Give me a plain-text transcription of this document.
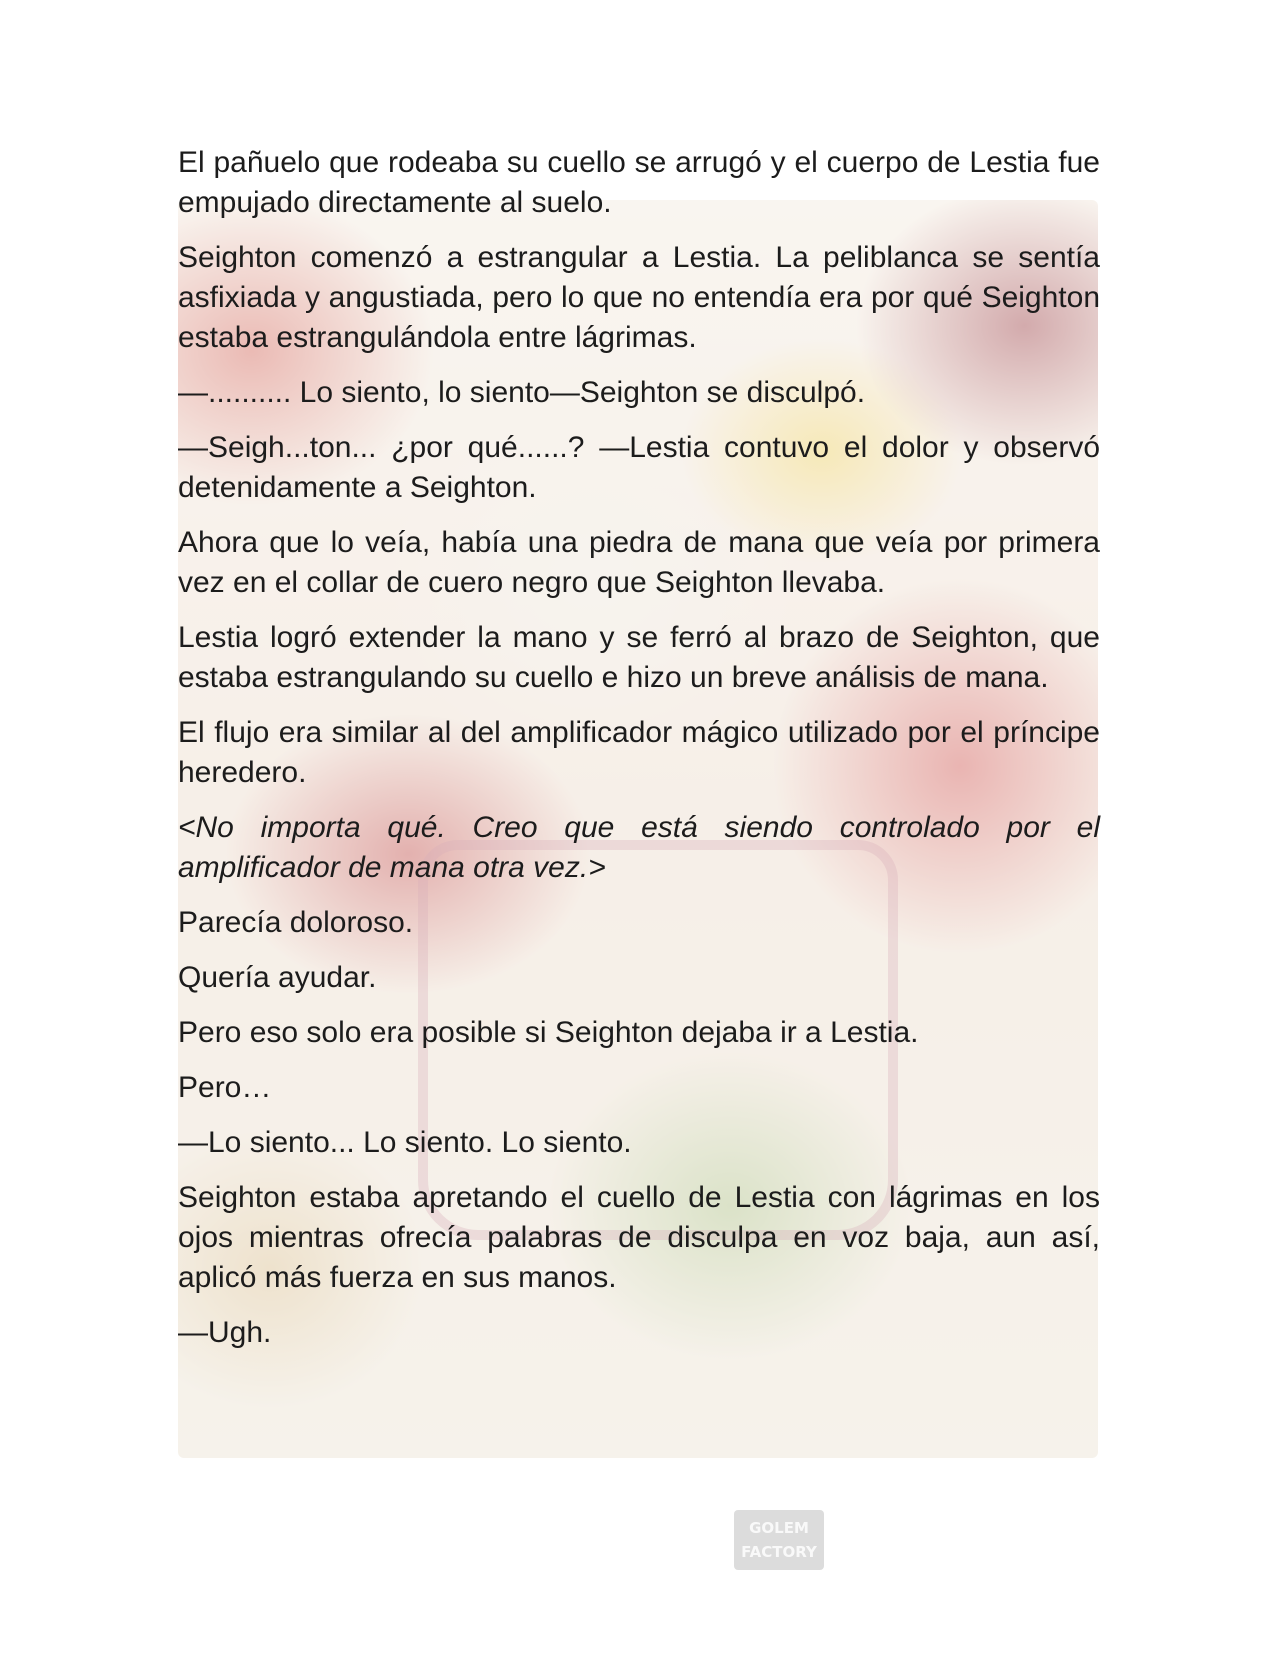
GOLEM
FACTORY

El pañuelo que rodeaba su cuello se arrugó y el cuerpo de Lestia fue empujado directamente al suelo.

Seighton comenzó a estrangular a Lestia. La peliblanca se sentía asfixiada y angustiada, pero lo que no entendía era por qué Seighton estaba estrangulándola entre lágrimas.

—.......... Lo siento, lo siento—Seighton se disculpó.

—Seigh...ton... ¿por qué......? —Lestia contuvo el dolor y observó detenidamente a Seighton.

Ahora que lo veía, había una piedra de mana que veía por primera vez en el collar de cuero negro que Seighton llevaba.

Lestia logró extender la mano y se ferró al brazo de Seighton, que estaba estrangulando su cuello e hizo un breve análisis de mana.

El flujo era similar al del amplificador mágico utilizado por el príncipe heredero.

<No importa qué. Creo que está siendo controlado por el amplificador de mana otra vez.>

Parecía doloroso.

Quería ayudar.

Pero eso solo era posible si Seighton dejaba ir a Lestia.

Pero…

—Lo siento... Lo siento. Lo siento.

Seighton estaba apretando el cuello de Lestia con lágrimas en los ojos mientras ofrecía palabras de disculpa en voz baja, aun así, aplicó más fuerza en sus manos.

—Ugh.
